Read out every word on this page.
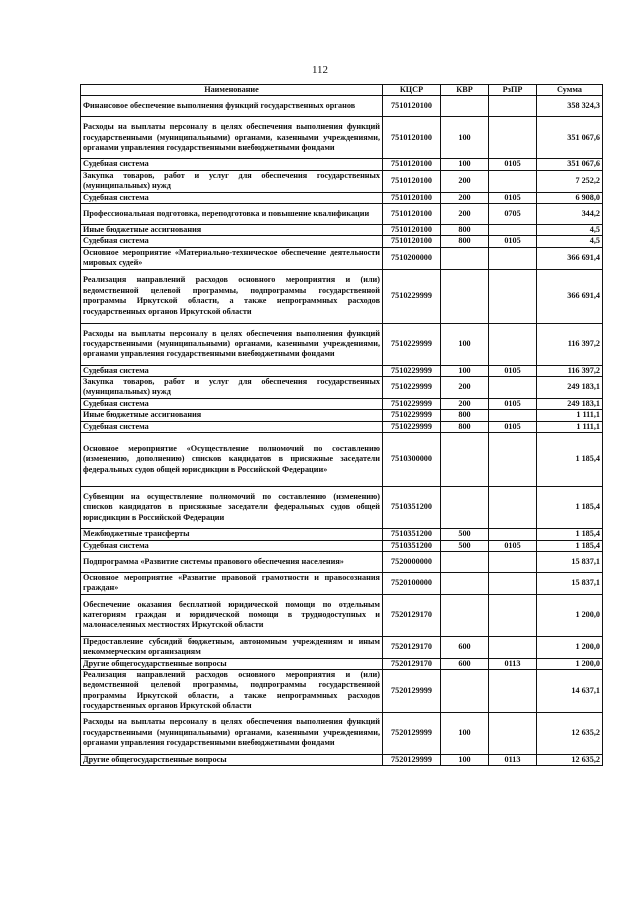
112
Наименование	КЦСР	КВР	РзПР	Сумма
Финансовое обеспечение выполнения функций государственных органов	7510120100			358 324,3
Расходы на выплаты персоналу в целях обеспечения выполнения функций государственными (муниципальными) органами, казенными учреждениями, органами управления государственными внебюджетными фондами	7510120100	100		351 067,6
Судебная система	7510120100	100	0105	351 067,6
Закупка товаров, работ и услуг для обеспечения государственных (муниципальных) нужд	7510120100	200		7 252,2
Судебная система	7510120100	200	0105	6 908,0
Профессиональная подготовка, переподготовка и повышение квалификации	7510120100	200	0705	344,2
Иные бюджетные ассигнования	7510120100	800		4,5
Судебная система	7510120100	800	0105	4,5
Основное мероприятие «Материально-техническое обеспечение деятельности мировых судей»	7510200000			366 691,4
Реализация направлений расходов основного мероприятия и (или) ведомственной целевой программы, подпрограммы государственной программы Иркутской области, а также непрограммных расходов государственных органов Иркутской области	7510229999			366 691,4
Расходы на выплаты персоналу в целях обеспечения выполнения функций государственными (муниципальными) органами, казенными учреждениями, органами управления государственными внебюджетными фондами	7510229999	100		116 397,2
Судебная система	7510229999	100	0105	116 397,2
Закупка товаров, работ и услуг для обеспечения государственных (муниципальных) нужд	7510229999	200		249 183,1
Судебная система	7510229999	200	0105	249 183,1
Иные бюджетные ассигнования	7510229999	800		1 111,1
Судебная система	7510229999	800	0105	1 111,1
Основное мероприятие «Осуществление полномочий по составлению (изменению, дополнению) списков кандидатов в присяжные заседатели федеральных судов общей юрисдикции в Российской Федерации»	7510300000			1 185,4
Субвенции на осуществление полномочий по составлению (изменению) списков кандидатов в присяжные заседатели федеральных судов общей юрисдикции в Российской Федерации	7510351200			1 185,4
Межбюджетные трансферты	7510351200	500		1 185,4
Судебная система	7510351200	500	0105	1 185,4
Подпрограмма «Развитие системы правового обеспечения населения»	7520000000			15 837,1
Основное мероприятие «Развитие правовой грамотности и правосознания граждан»	7520100000			15 837,1
Обеспечение оказания бесплатной юридической помощи по отдельным категориям граждан и юридической помощи в труднодоступных и малонаселенных местностях Иркутской области	7520129170			1 200,0
Предоставление субсидий бюджетным, автономным учреждениям и иным некоммерческим организациям	7520129170	600		1 200,0
Другие общегосударственные вопросы	7520129170	600	0113	1 200,0
Реализация направлений расходов основного мероприятия и (или) ведомственной целевой программы, подпрограммы государственной программы Иркутской области, а также непрограммных расходов государственных органов Иркутской области	7520129999			14 637,1
Расходы на выплаты персоналу в целях обеспечения выполнения функций государственными (муниципальными) органами, казенными учреждениями, органами управления государственными внебюджетными фондами	7520129999	100		12 635,2
Другие общегосударственные вопросы	7520129999	100	0113	12 635,2
